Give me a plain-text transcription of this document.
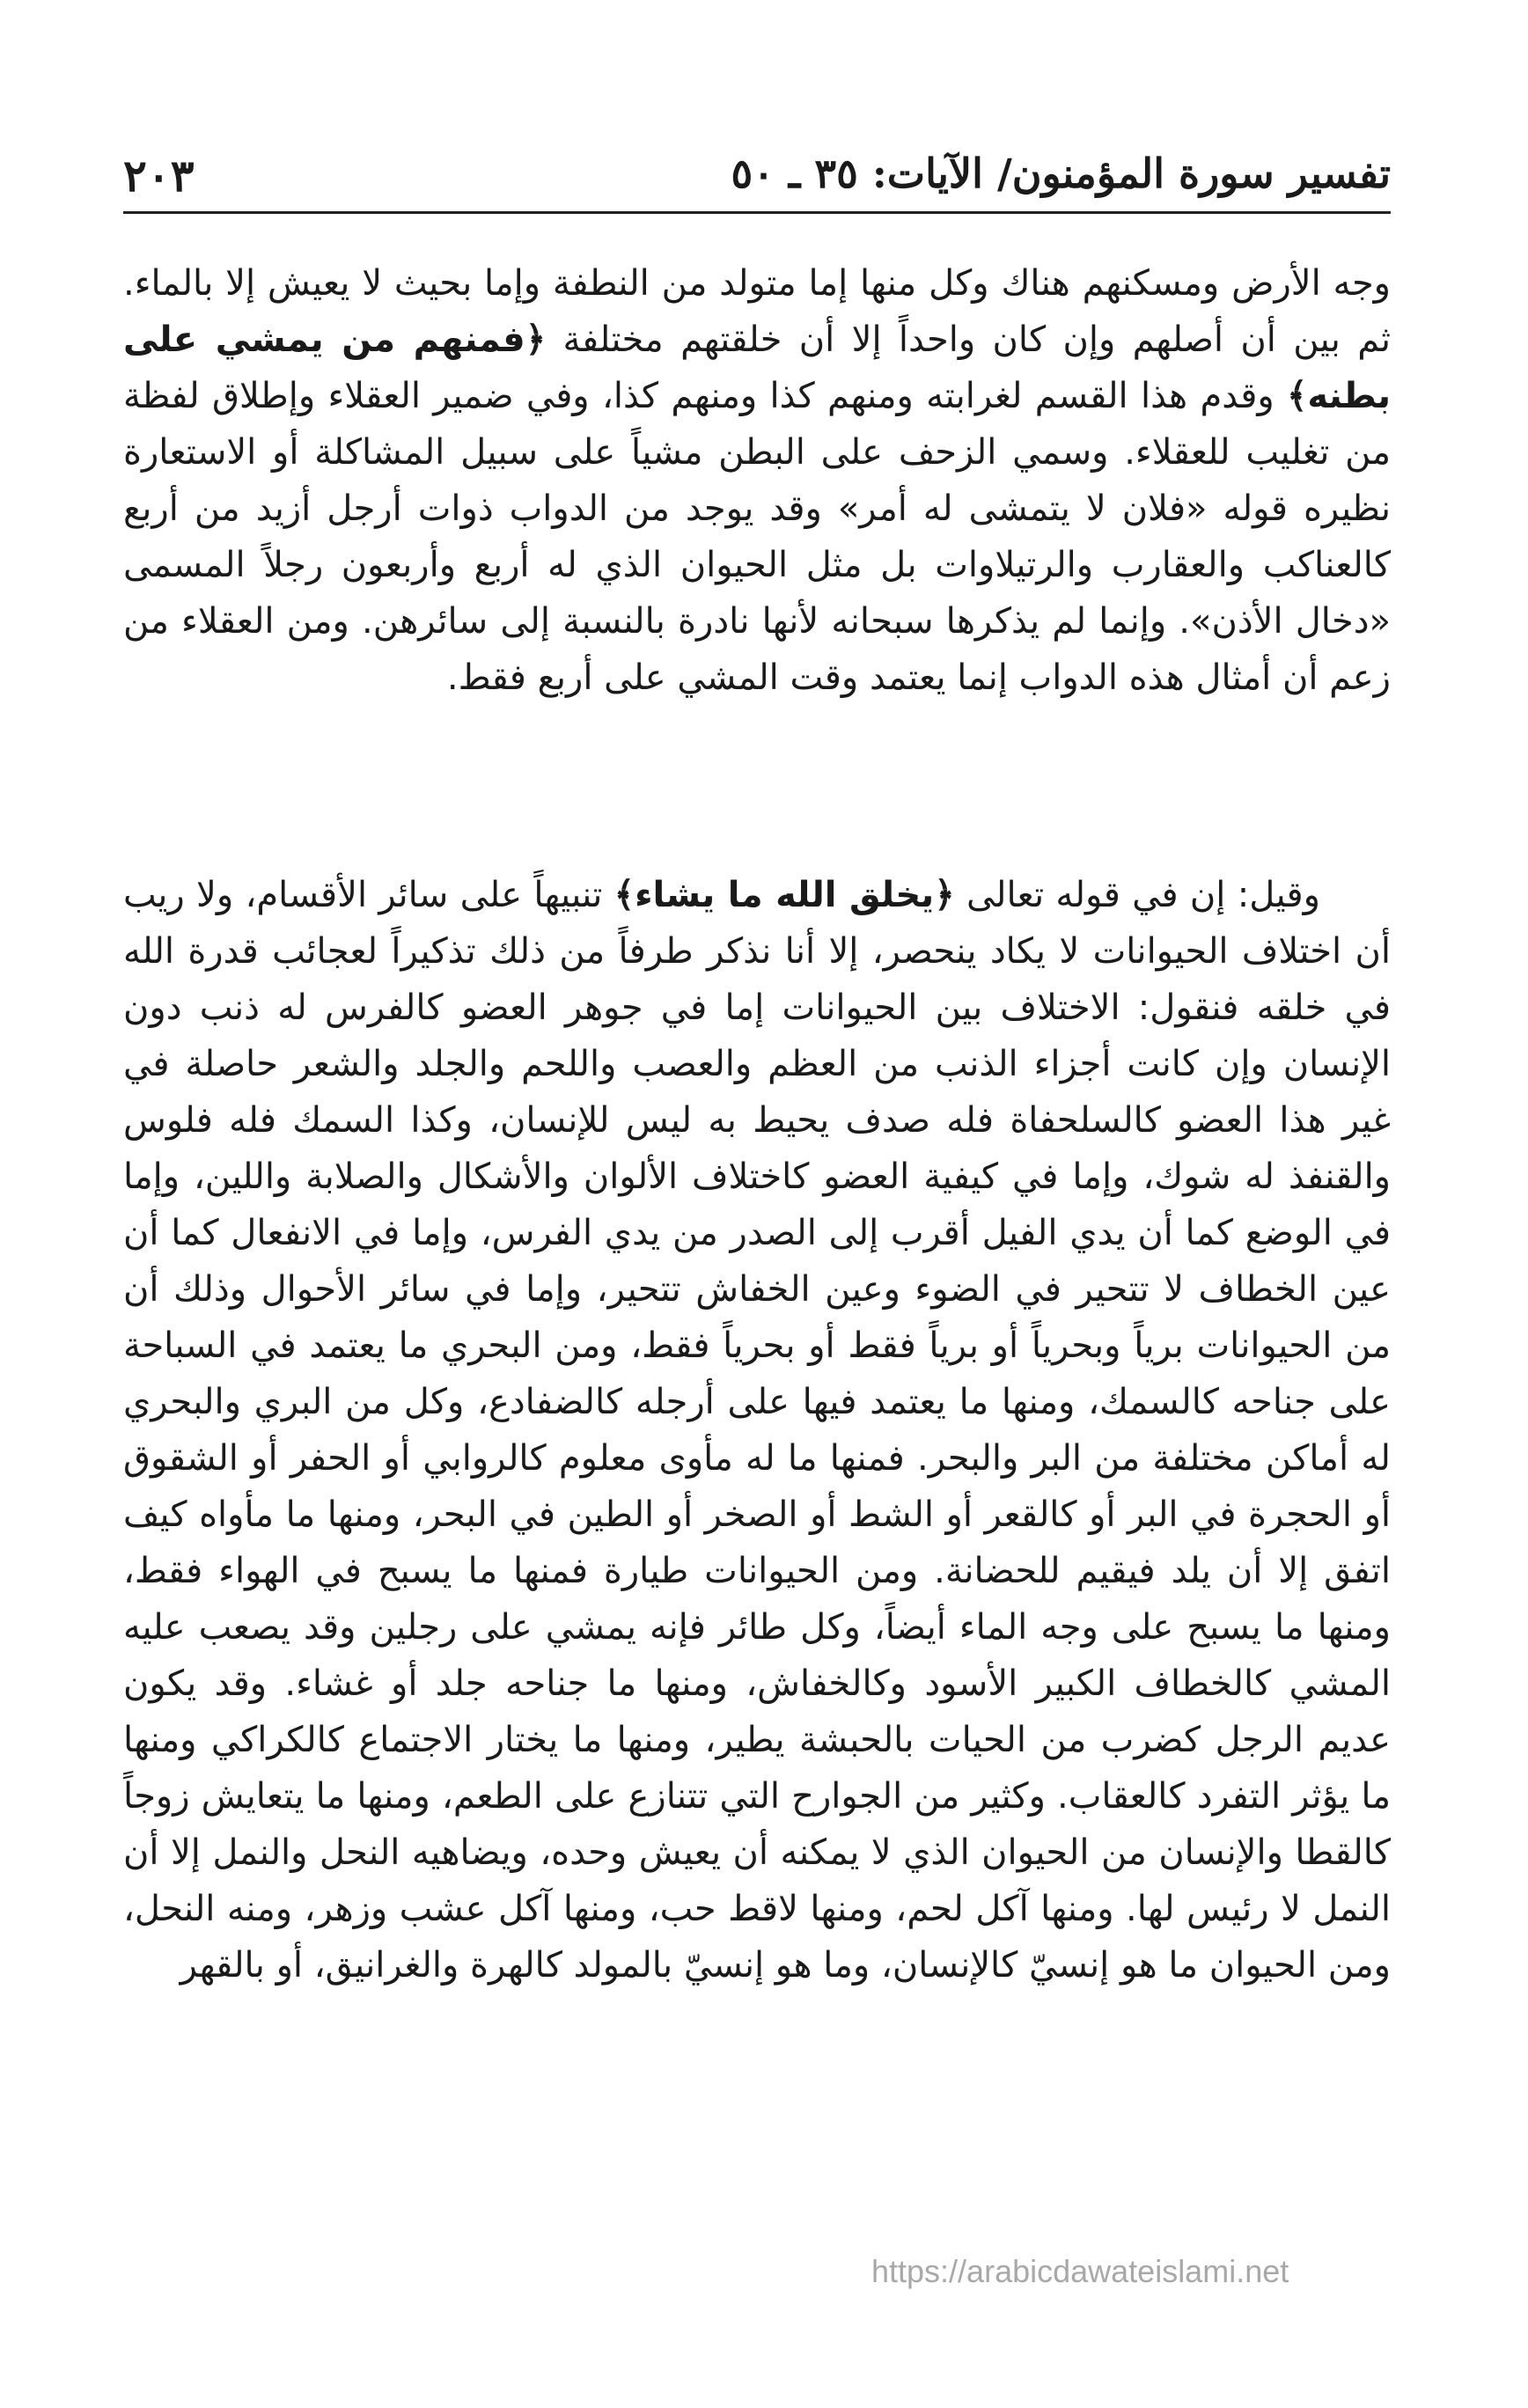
تفسير سورة المؤمنون/ الآيات: ٣٥ ـ ٥٠
٢٠٣

وجه الأرض ومسكنهم هناك وكل منها إما متولد من النطفة وإما بحيث لا يعيش إلا بالماء. ثم بين أن أصلهم وإن كان واحداً إلا أن خلقتهم مختلفة ﴿فمنهم من يمشي على بطنه﴾ وقدم هذا القسم لغرابته ومنهم كذا ومنهم كذا، وفي ضمير العقلاء وإطلاق لفظة من تغليب للعقلاء. وسمي الزحف على البطن مشياً على سبيل المشاكلة أو الاستعارة نظيره قوله «فلان لا يتمشى له أمر» وقد يوجد من الدواب ذوات أرجل أزيد من أربع كالعناكب والعقارب والرتيلاوات بل مثل الحيوان الذي له أربع وأربعون رجلاً المسمى «دخال الأذن». وإنما لم يذكرها سبحانه لأنها نادرة بالنسبة إلى سائرهن. ومن العقلاء من زعم أن أمثال هذه الدواب إنما يعتمد وقت المشي على أربع فقط.

وقيل: إن في قوله تعالى ﴿يخلق الله ما يشاء﴾ تنبيهاً على سائر الأقسام، ولا ريب أن اختلاف الحيوانات لا يكاد ينحصر، إلا أنا نذكر طرفاً من ذلك تذكيراً لعجائب قدرة الله في خلقه فنقول: الاختلاف بين الحيوانات إما في جوهر العضو كالفرس له ذنب دون الإنسان وإن كانت أجزاء الذنب من العظم والعصب واللحم والجلد والشعر حاصلة في غير هذا العضو كالسلحفاة فله صدف يحيط به ليس للإنسان، وكذا السمك فله فلوس والقنفذ له شوك، وإما في كيفية العضو كاختلاف الألوان والأشكال والصلابة واللين، وإما في الوضع كما أن يدي الفيل أقرب إلى الصدر من يدي الفرس، وإما في الانفعال كما أن عين الخطاف لا تتحير في الضوء وعين الخفاش تتحير، وإما في سائر الأحوال وذلك أن من الحيوانات برياً وبحرياً أو برياً فقط أو بحرياً فقط، ومن البحري ما يعتمد في السباحة على جناحه كالسمك، ومنها ما يعتمد فيها على أرجله كالضفادع، وكل من البري والبحري له أماكن مختلفة من البر والبحر. فمنها ما له مأوى معلوم كالروابي أو الحفر أو الشقوق أو الحجرة في البر أو كالقعر أو الشط أو الصخر أو الطين في البحر، ومنها ما مأواه كيف اتفق إلا أن يلد فيقيم للحضانة. ومن الحيوانات طيارة فمنها ما يسبح في الهواء فقط، ومنها ما يسبح على وجه الماء أيضاً، وكل طائر فإنه يمشي على رجلين وقد يصعب عليه المشي كالخطاف الكبير الأسود وكالخفاش، ومنها ما جناحه جلد أو غشاء. وقد يكون عديم الرجل كضرب من الحيات بالحبشة يطير، ومنها ما يختار الاجتماع كالكراكي ومنها ما يؤثر التفرد كالعقاب. وكثير من الجوارح التي تتنازع على الطعم، ومنها ما يتعايش زوجاً كالقطا والإنسان من الحيوان الذي لا يمكنه أن يعيش وحده، ويضاهيه النحل والنمل إلا أن النمل لا رئيس لها. ومنها آكل لحم، ومنها لاقط حب، ومنها آكل عشب وزهر، ومنه النحل، ومن الحيوان ما هو إنسيّ كالإنسان، وما هو إنسيّ بالمولد كالهرة والغرانيق، أو بالقهر

https://arabicdawateislami.net
